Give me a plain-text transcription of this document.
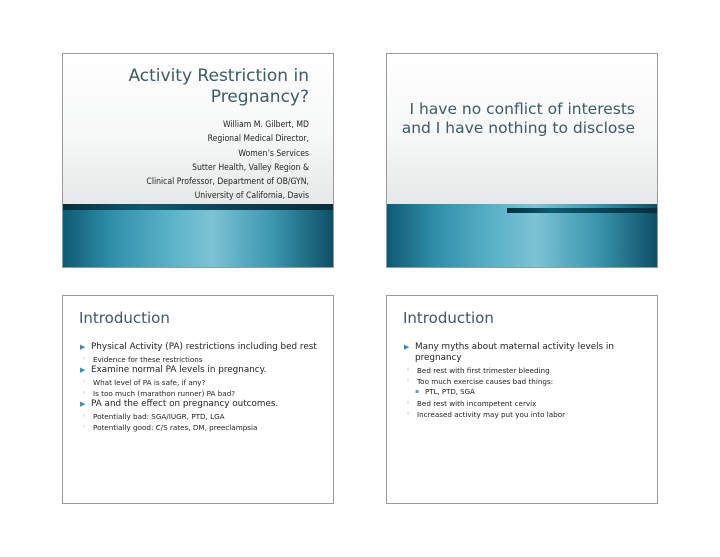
Activity Restriction in Pregnancy?
William M. Gilbert, MD
Regional Medical Director,
Women’s Services
Sutter Health, Valley Region &
Clinical Professor, Department of OB/GYN,
University of California, Davis
I have no conflict of interests and I have nothing to disclose
Introduction
▶ Physical Activity (PA) restrictions including bed rest
◦ Evidence for these restrictions
▶ Examine normal PA levels in pregnancy.
◦ What level of PA is safe, if any?
◦ Is too much (marathon runner) PA bad?
▶ PA and the effect on pregnancy outcomes.
◦ Potentially bad: SGA/IUGR, PTD, LGA
◦ Potentially good: C/S rates, DM, preeclampsia
Introduction
▶ Many myths about maternal activity levels in pregnancy
◦ Bed rest with first trimester bleeding
◦ Too much exercise causes bad things:
▪ PTL, PTD, SGA
◦ Bed rest with incompetent cervix
◦ Increased activity may put you into labor
